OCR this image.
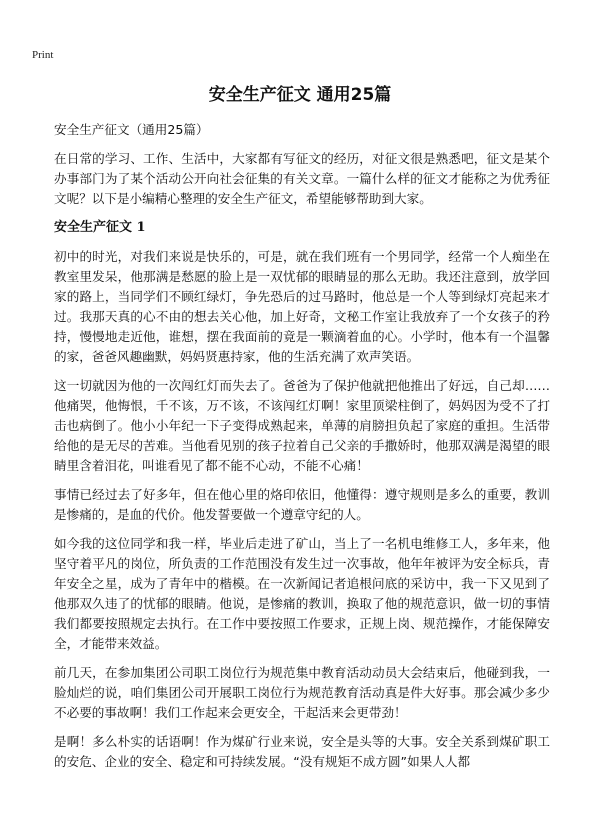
Print
安全生产征文 通用25篇

安全生产征文（通用25篇）

在日常的学习、工作、生活中，大家都有写征文的经历，对征文很是熟悉吧，征文是某个办事部门为了某个活动公开向社会征集的有关文章。一篇什么样的征文才能称之为优秀征文呢？以下是小编精心整理的安全生产征文，希望能够帮助到大家。

安全生产征文 1

初中的时光，对我们来说是快乐的，可是，就在我们班有一个男同学，经常一个人痴坐在教室里发呆，他那满是愁愿的脸上是一双忧郁的眼睛显的那么无助。我还注意到，放学回家的路上，当同学们不顾红绿灯，争先恐后的过马路时，他总是一个人等到绿灯亮起来才过。我那天真的心不由的想去关心他，加上好奇，文秘工作室让我放弃了一个女孩子的矜持，慢慢地走近他，谁想，摆在我面前的竟是一颗滴着血的心。小学时，他本有一个温馨的家，爸爸风趣幽默，妈妈贤惠持家，他的生活充满了欢声笑语。

这一切就因为他的一次闯红灯而失去了。爸爸为了保护他就把他推出了好远，自己却……他痛哭，他悔恨，千不该，万不该，不该闯红灯啊！家里顶梁柱倒了，妈妈因为受不了打击也病倒了。他小小年纪一下子变得成熟起来，单薄的肩膀担负起了家庭的重担。生活带给他的是无尽的苦难。当他看见别的孩子拉着自己父亲的手撒娇时，他那双满是渴望的眼睛里含着泪花，叫谁看见了都不能不心动，不能不心痛！

事情已经过去了好多年，但在他心里的烙印依旧，他懂得：遵守规则是多么的重要，教训是惨痛的，是血的代价。他发誓要做一个遵章守纪的人。

如今我的这位同学和我一样，毕业后走进了矿山，当上了一名机电维修工人，多年来，他坚守着平凡的岗位，所负责的工作范围没有发生过一次事故，他年年被评为安全标兵，青年安全之星，成为了青年中的楷模。在一次新闻记者追根问底的采访中，我一下又见到了他那双久违了的忧郁的眼睛。他说，是惨痛的教训，换取了他的规范意识，做一切的事情我们都要按照规定去执行。在工作中要按照工作要求，正规上岗、规范操作，才能保障安全，才能带来效益。

前几天，在参加集团公司职工岗位行为规范集中教育活动动员大会结束后，他碰到我，一脸灿烂的说，咱们集团公司开展职工岗位行为规范教育活动真是件大好事。那会减少多少不必要的事故啊！我们工作起来会更安全，干起活来会更带劲！

是啊！多么朴实的话语啊！作为煤矿行业来说，安全是头等的大事。安全关系到煤矿职工的安危、企业的安全、稳定和可持续发展。“没有规矩不成方圆”如果人人都
